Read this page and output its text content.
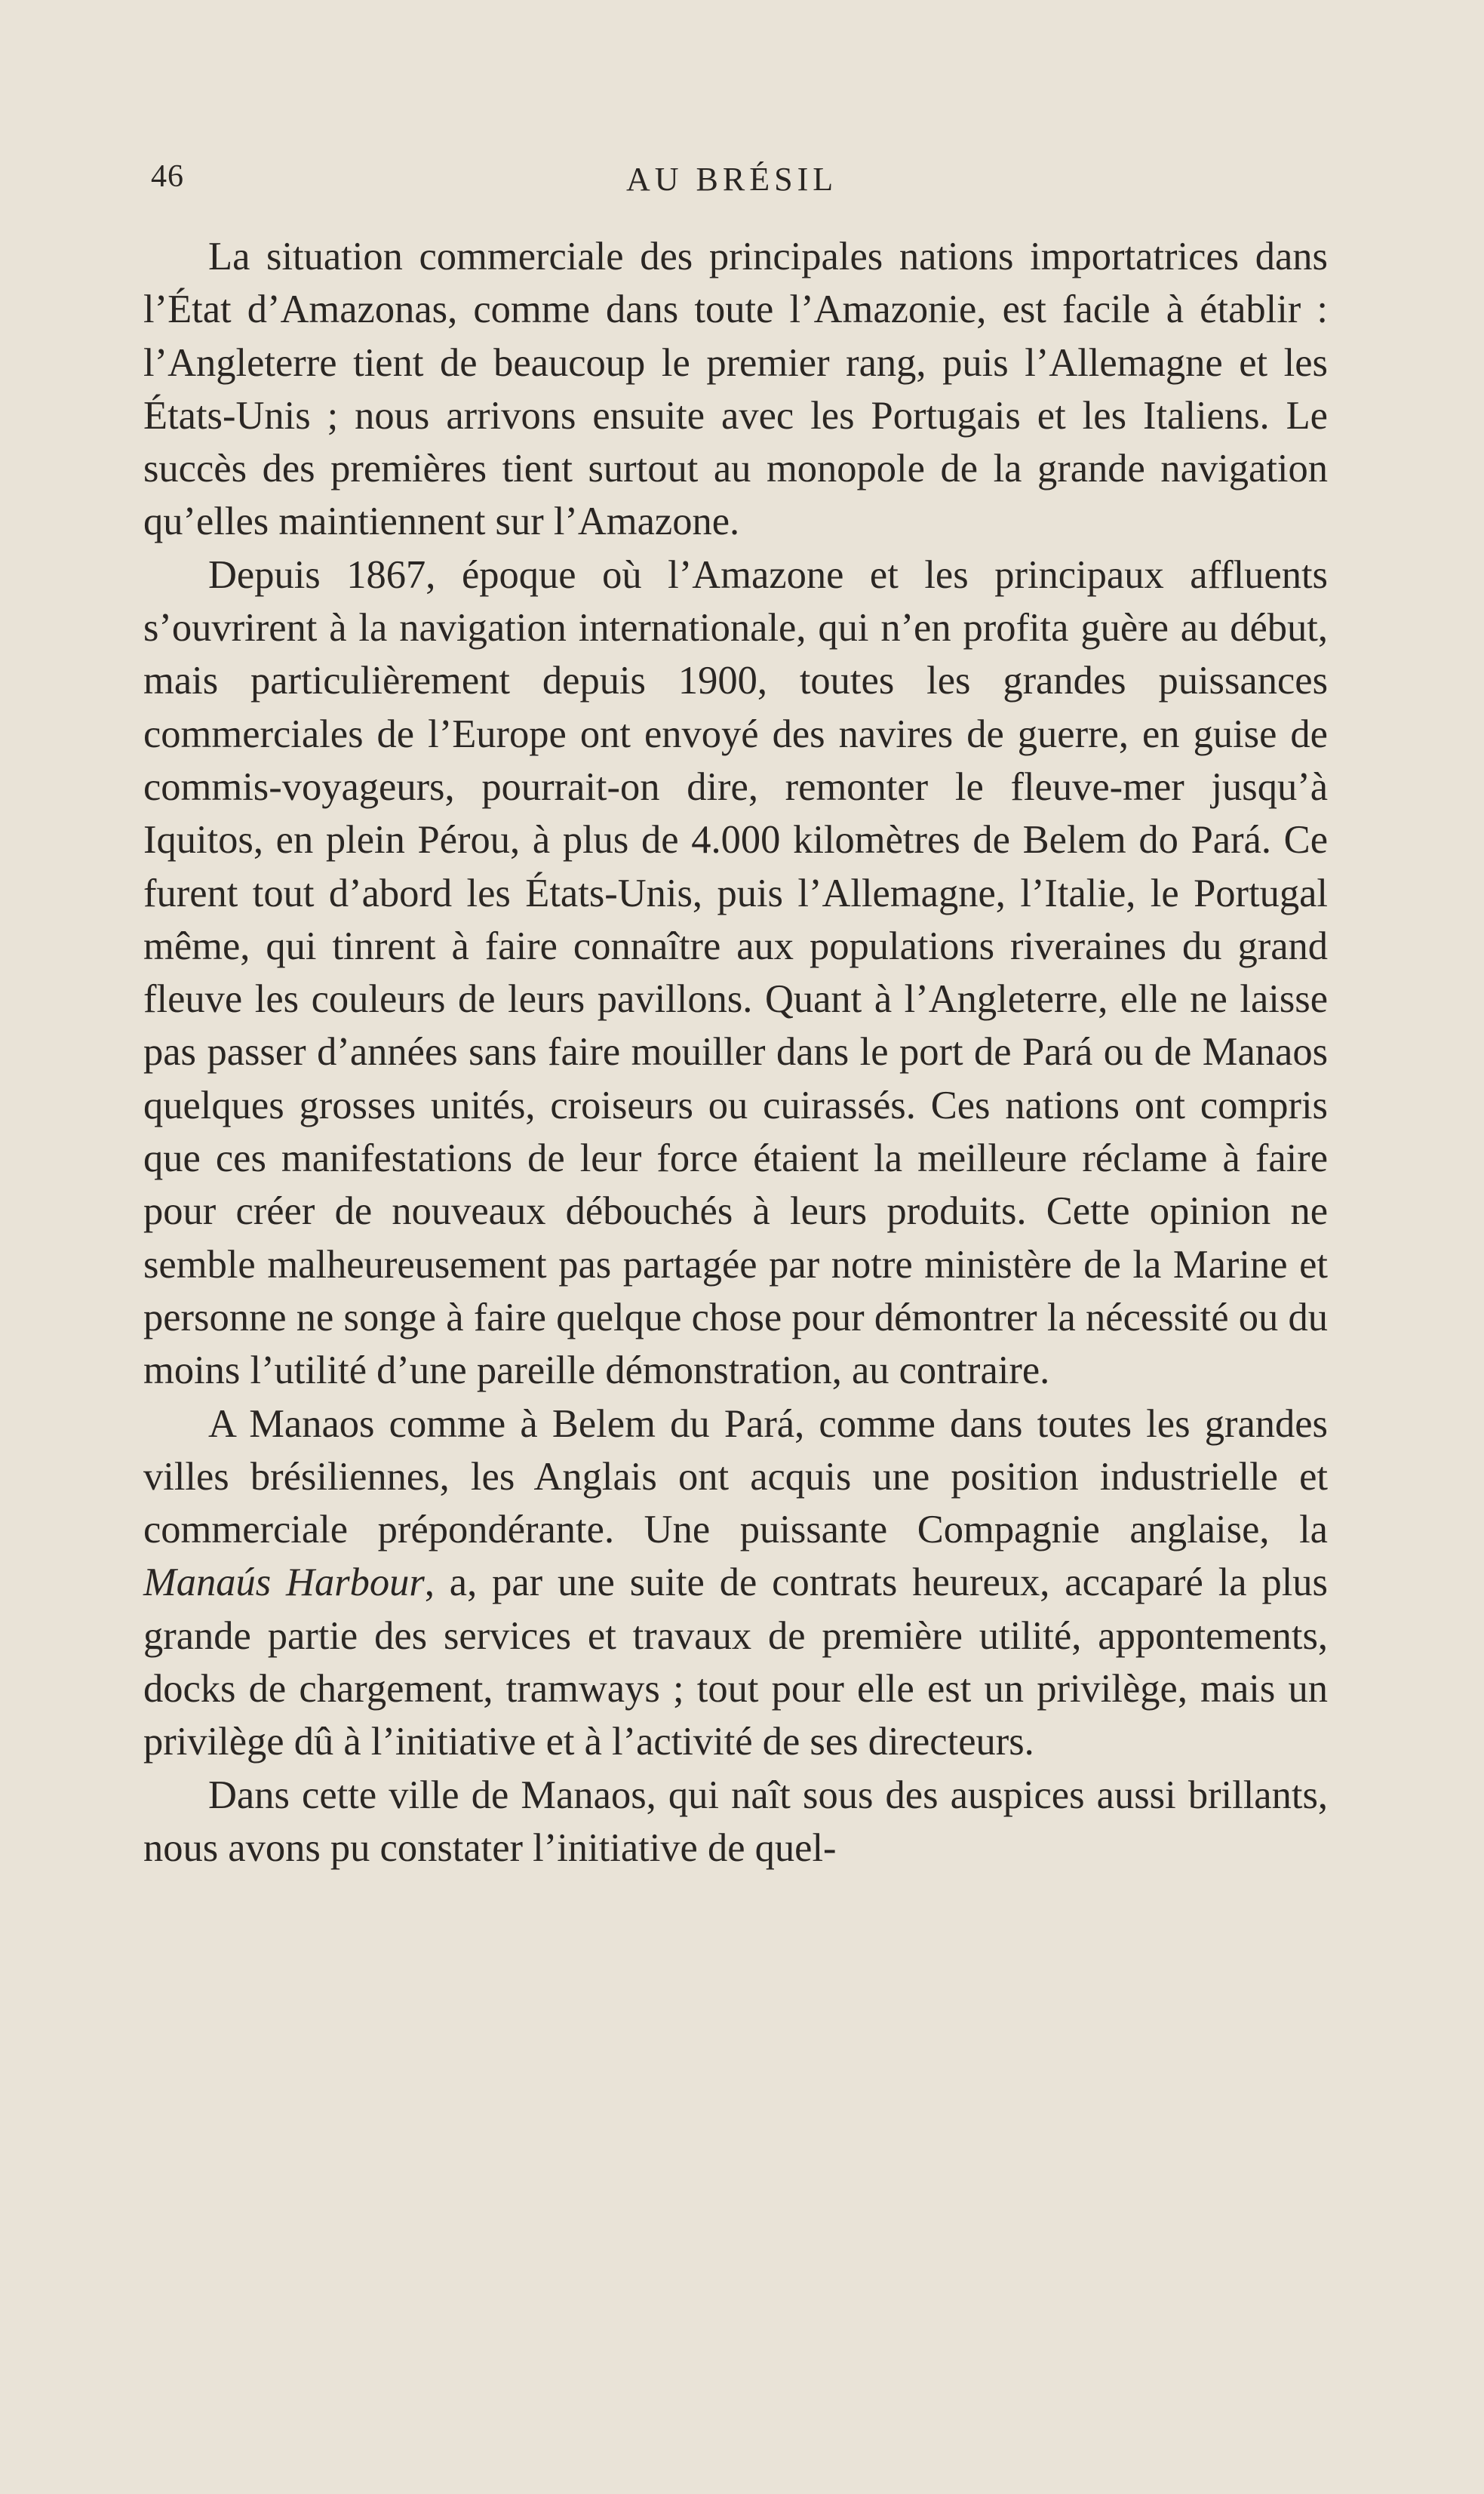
46	AU BRÉSIL

La situation commerciale des principales nations importatrices dans l’État d’Amazonas, comme dans toute l’Amazonie, est facile à établir : l’Angleterre tient de beaucoup le premier rang, puis l’Allemagne et les États-Unis ; nous arrivons ensuite avec les Portugais et les Italiens. Le succès des premières tient surtout au monopole de la grande navigation qu’elles maintiennent sur l’Amazone.

Depuis 1867, époque où l’Amazone et les principaux affluents s’ouvrirent à la navigation internationale, qui n’en profita guère au début, mais particulièrement depuis 1900, toutes les grandes puissances commerciales de l’Europe ont envoyé des navires de guerre, en guise de commis-voyageurs, pourrait-on dire, remonter le fleuve-mer jusqu’à Iquitos, en plein Pérou, à plus de 4.000 kilomètres de Belem do Pará. Ce furent tout d’abord les États-Unis, puis l’Allemagne, l’Italie, le Portugal même, qui tinrent à faire connaître aux populations riveraines du grand fleuve les couleurs de leurs pavillons. Quant à l’Angleterre, elle ne laisse pas passer d’années sans faire mouiller dans le port de Pará ou de Manaos quelques grosses unités, croiseurs ou cuirassés. Ces nations ont compris que ces manifestations de leur force étaient la meilleure réclame à faire pour créer de nouveaux débouchés à leurs produits. Cette opinion ne semble malheureusement pas partagée par notre ministère de la Marine et personne ne songe à faire quelque chose pour démontrer la nécessité ou du moins l’utilité d’une pareille démonstration, au contraire.

A Manaos comme à Belem du Pará, comme dans toutes les grandes villes brésiliennes, les Anglais ont acquis une position industrielle et commerciale prépondérante. Une puissante Compagnie anglaise, la Manaús Harbour, a, par une suite de contrats heureux, accaparé la plus grande partie des services et travaux de première utilité, appontements, docks de chargement, tramways ; tout pour elle est un privilège, mais un privilège dû à l’initiative et à l’activité de ses directeurs.

Dans cette ville de Manaos, qui naît sous des auspices aussi brillants, nous avons pu constater l’initiative de quel-
